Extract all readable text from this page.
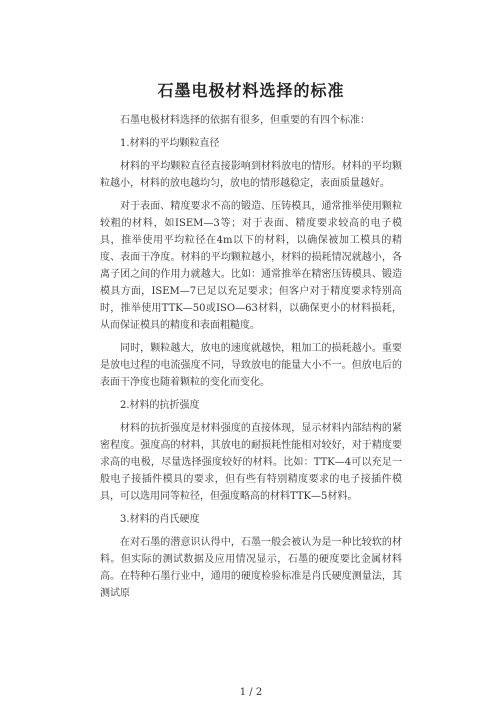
石墨电极材料选择的标准

石墨电极材料选择的依据有很多，但重要的有四个标准：

1.材料的平均颗粒直径

材料的平均颗粒直径直接影响到材料放电的情形。材料的平均颗粒越小，材料的放电越均匀，放电的情形越稳定，表面质量越好。

对于表面、精度要求不高的锻造、压铸模具，通常推举使用颗粒较粗的材料，如ISEM—3等；对于表面、精度要求较高的电子模具，推举使用平均粒径在4m以下的材料，以确保被加工模具的精度、表面干净度。材料的平均颗粒越小，材料的损耗情况就越小，各离子团之间的作用力就越大。比如：通常推举在精密压铸模具、锻造模具方面，ISEM—7已足以充足要求；但客户对于精度要求特别高时，推举使用TTK—50或ISO—63材料，以确保更小的材料损耗，从而保证模具的精度和表面粗糙度。

同时，颗粒越大，放电的速度就越快，粗加工的损耗越小。重要是放电过程的电流强度不同，导致放电的能量大小不一。但放电后的表面干净度也随着颗粒的变化而变化。

2.材料的抗折强度

材料的抗折强度是材料强度的直接体现，显示材料内部结构的紧密程度。强度高的材料，其放电的耐损耗性能相对较好，对于精度要求高的电极，尽量选择强度较好的材料。比如：TTK—4可以充足一般电子接插件模具的要求，但有些有特别精度要求的电子接插件模具，可以选用同等粒径，但强度略高的材料TTK—5材料。

3.材料的肖氏硬度

在对石墨的潜意识认得中，石墨一般会被认为是一种比较软的材料。但实际的测试数据及应用情况显示，石墨的硬度要比金属材料高。在特种石墨行业中，通用的硬度检验标准是肖氏硬度测量法，其测试原

1 / 2
